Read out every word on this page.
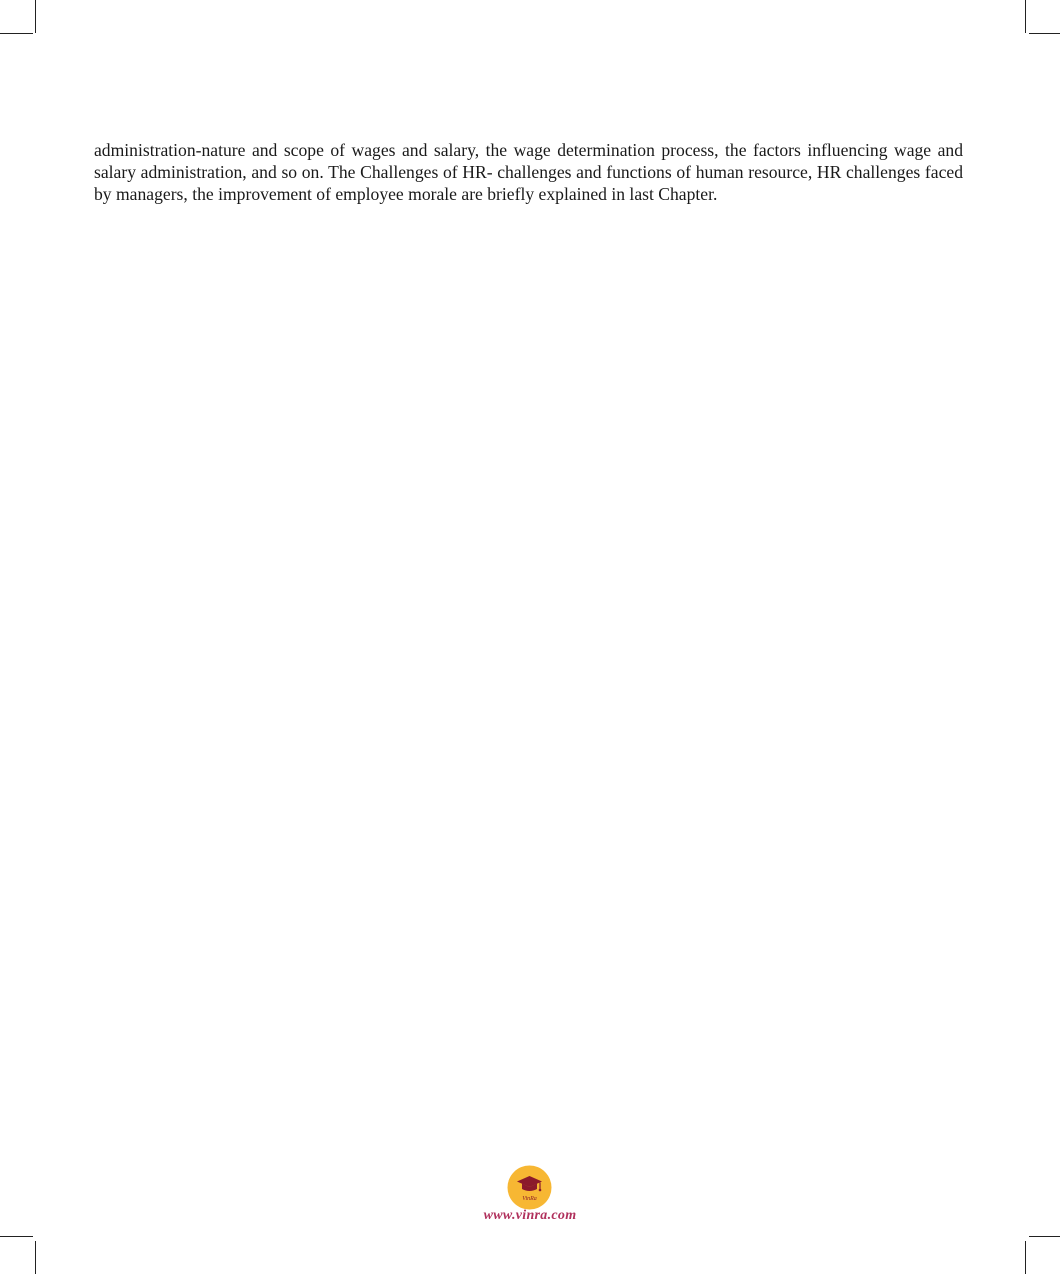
administration-nature and scope of wages and salary, the wage determination process, the factors influencing wage and salary administration, and so on. The Challenges of HR- challenges and functions of human resource, HR challenges faced by managers, the improvement of employee morale are briefly explained in last Chapter.

VinRa
www.vinra.com
